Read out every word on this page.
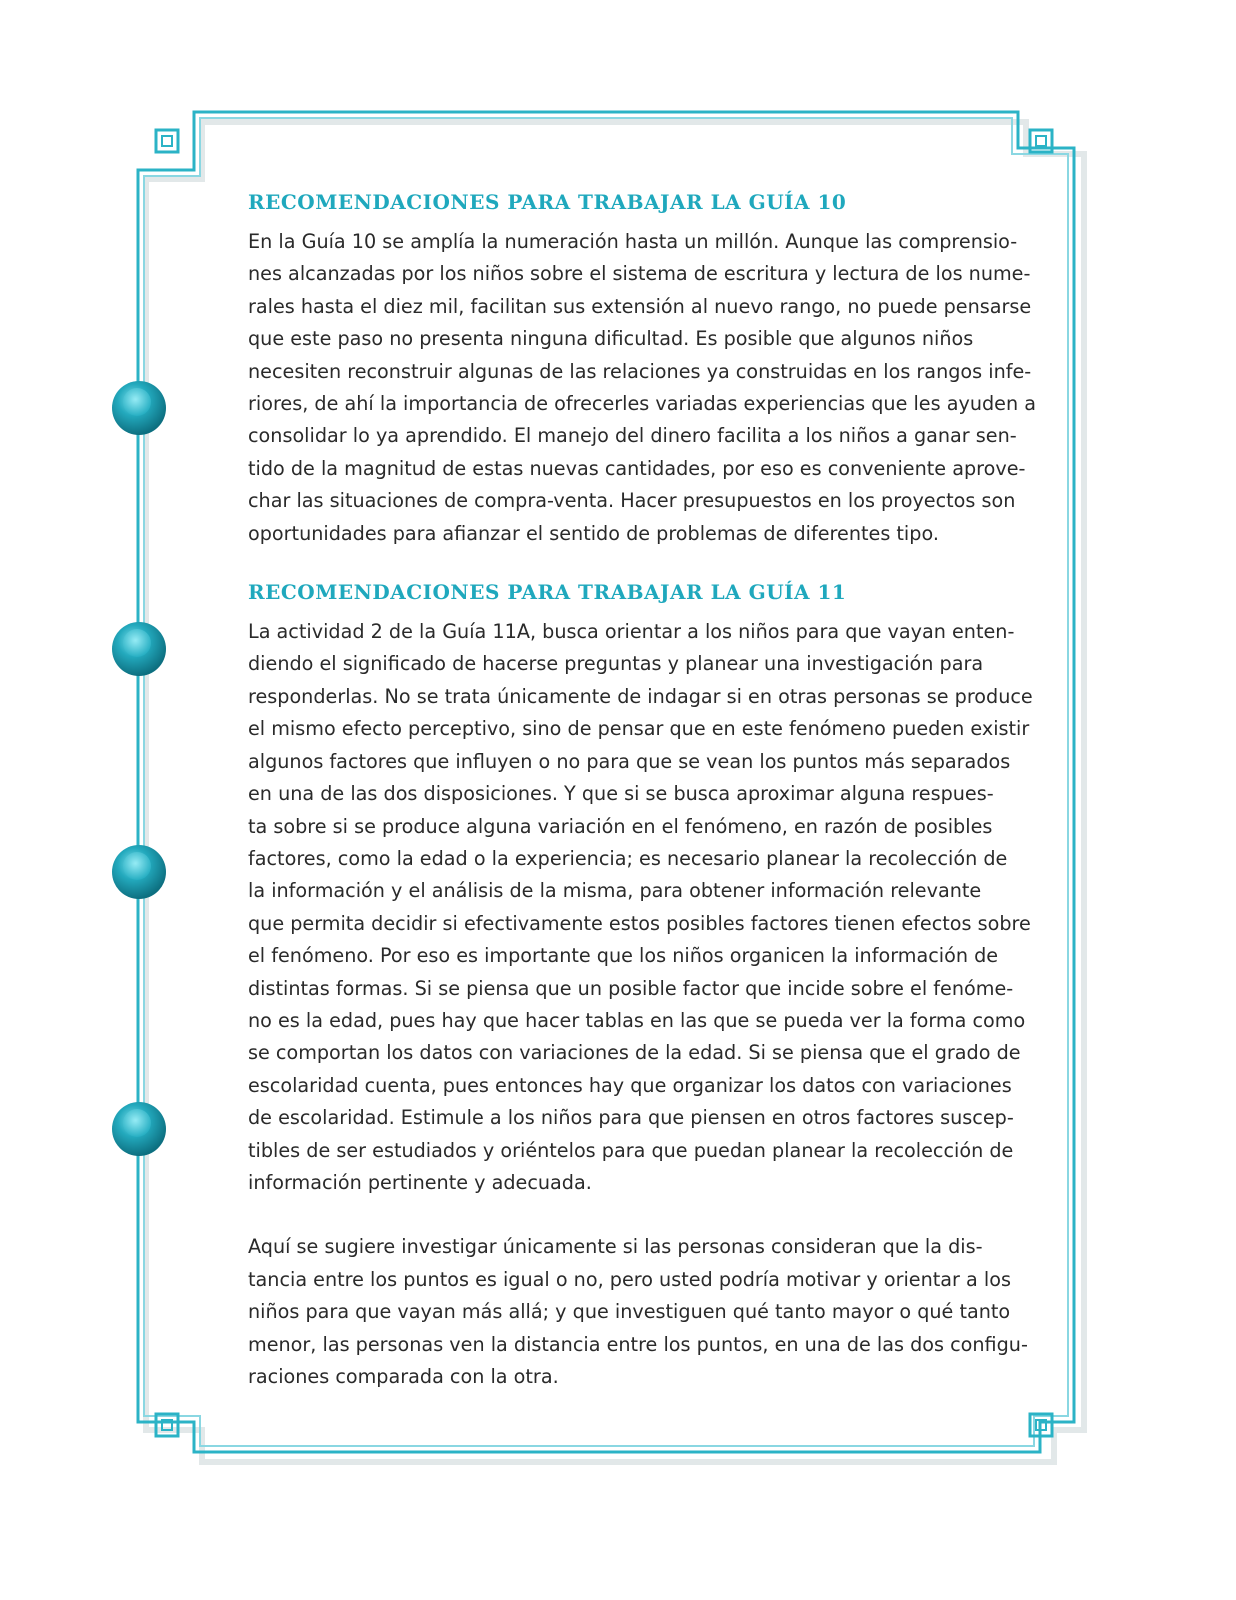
RECOMENDACIONES PARA TRABAJAR LA GUÍA 10

En la Guía 10 se amplía la numeración hasta un millón. Aunque las comprensio-
nes alcanzadas por los niños sobre el sistema de escritura y lectura de los nume-
rales hasta el diez mil, facilitan sus extensión al nuevo rango, no puede pensarse
que este paso no presenta ninguna dificultad. Es posible que algunos niños
necesiten reconstruir algunas de las relaciones ya construidas en los rangos infe-
riores, de ahí la importancia de ofrecerles variadas experiencias que les ayuden a
consolidar lo ya aprendido. El manejo del dinero facilita a los niños a ganar sen-
tido de la magnitud de estas nuevas cantidades, por eso es conveniente aprove-
char las situaciones de compra-venta. Hacer presupuestos en los proyectos son
oportunidades para afianzar el sentido de problemas de diferentes tipo.

RECOMENDACIONES PARA TRABAJAR LA GUÍA 11

La actividad 2 de la Guía 11A, busca orientar a los niños para que vayan enten-
diendo el significado de hacerse preguntas y planear una investigación para
responderlas. No se trata únicamente de indagar si en otras personas se produce
el mismo efecto perceptivo, sino de pensar que en este fenómeno pueden existir
algunos factores que influyen o no para que se vean los puntos más separados
en una de las dos disposiciones. Y que si se busca aproximar alguna respues-
ta sobre si se produce alguna variación en el fenómeno, en razón de posibles
factores, como la edad o la experiencia; es necesario planear la recolección de
la información y el análisis de la misma, para obtener información relevante
que permita decidir si efectivamente estos posibles factores tienen efectos sobre
el fenómeno. Por eso es importante que los niños organicen la información de
distintas formas. Si se piensa que un posible factor que incide sobre el fenóme-
no es la edad, pues hay que hacer tablas en las que se pueda ver la forma como
se comportan los datos con variaciones de la edad. Si se piensa que el grado de
escolaridad cuenta, pues entonces hay que organizar los datos con variaciones
de escolaridad. Estimule a los niños para que piensen en otros factores suscep-
tibles de ser estudiados y oriéntelos para que puedan planear la recolección de
información pertinente y adecuada.

Aquí se sugiere investigar únicamente si las personas consideran que la dis-
tancia entre los puntos es igual o no, pero usted podría motivar y orientar a los
niños para que vayan más allá; y que investiguen qué tanto mayor o qué tanto
menor, las personas ven la distancia entre los puntos, en una de las dos configu-
raciones comparada con la otra.
